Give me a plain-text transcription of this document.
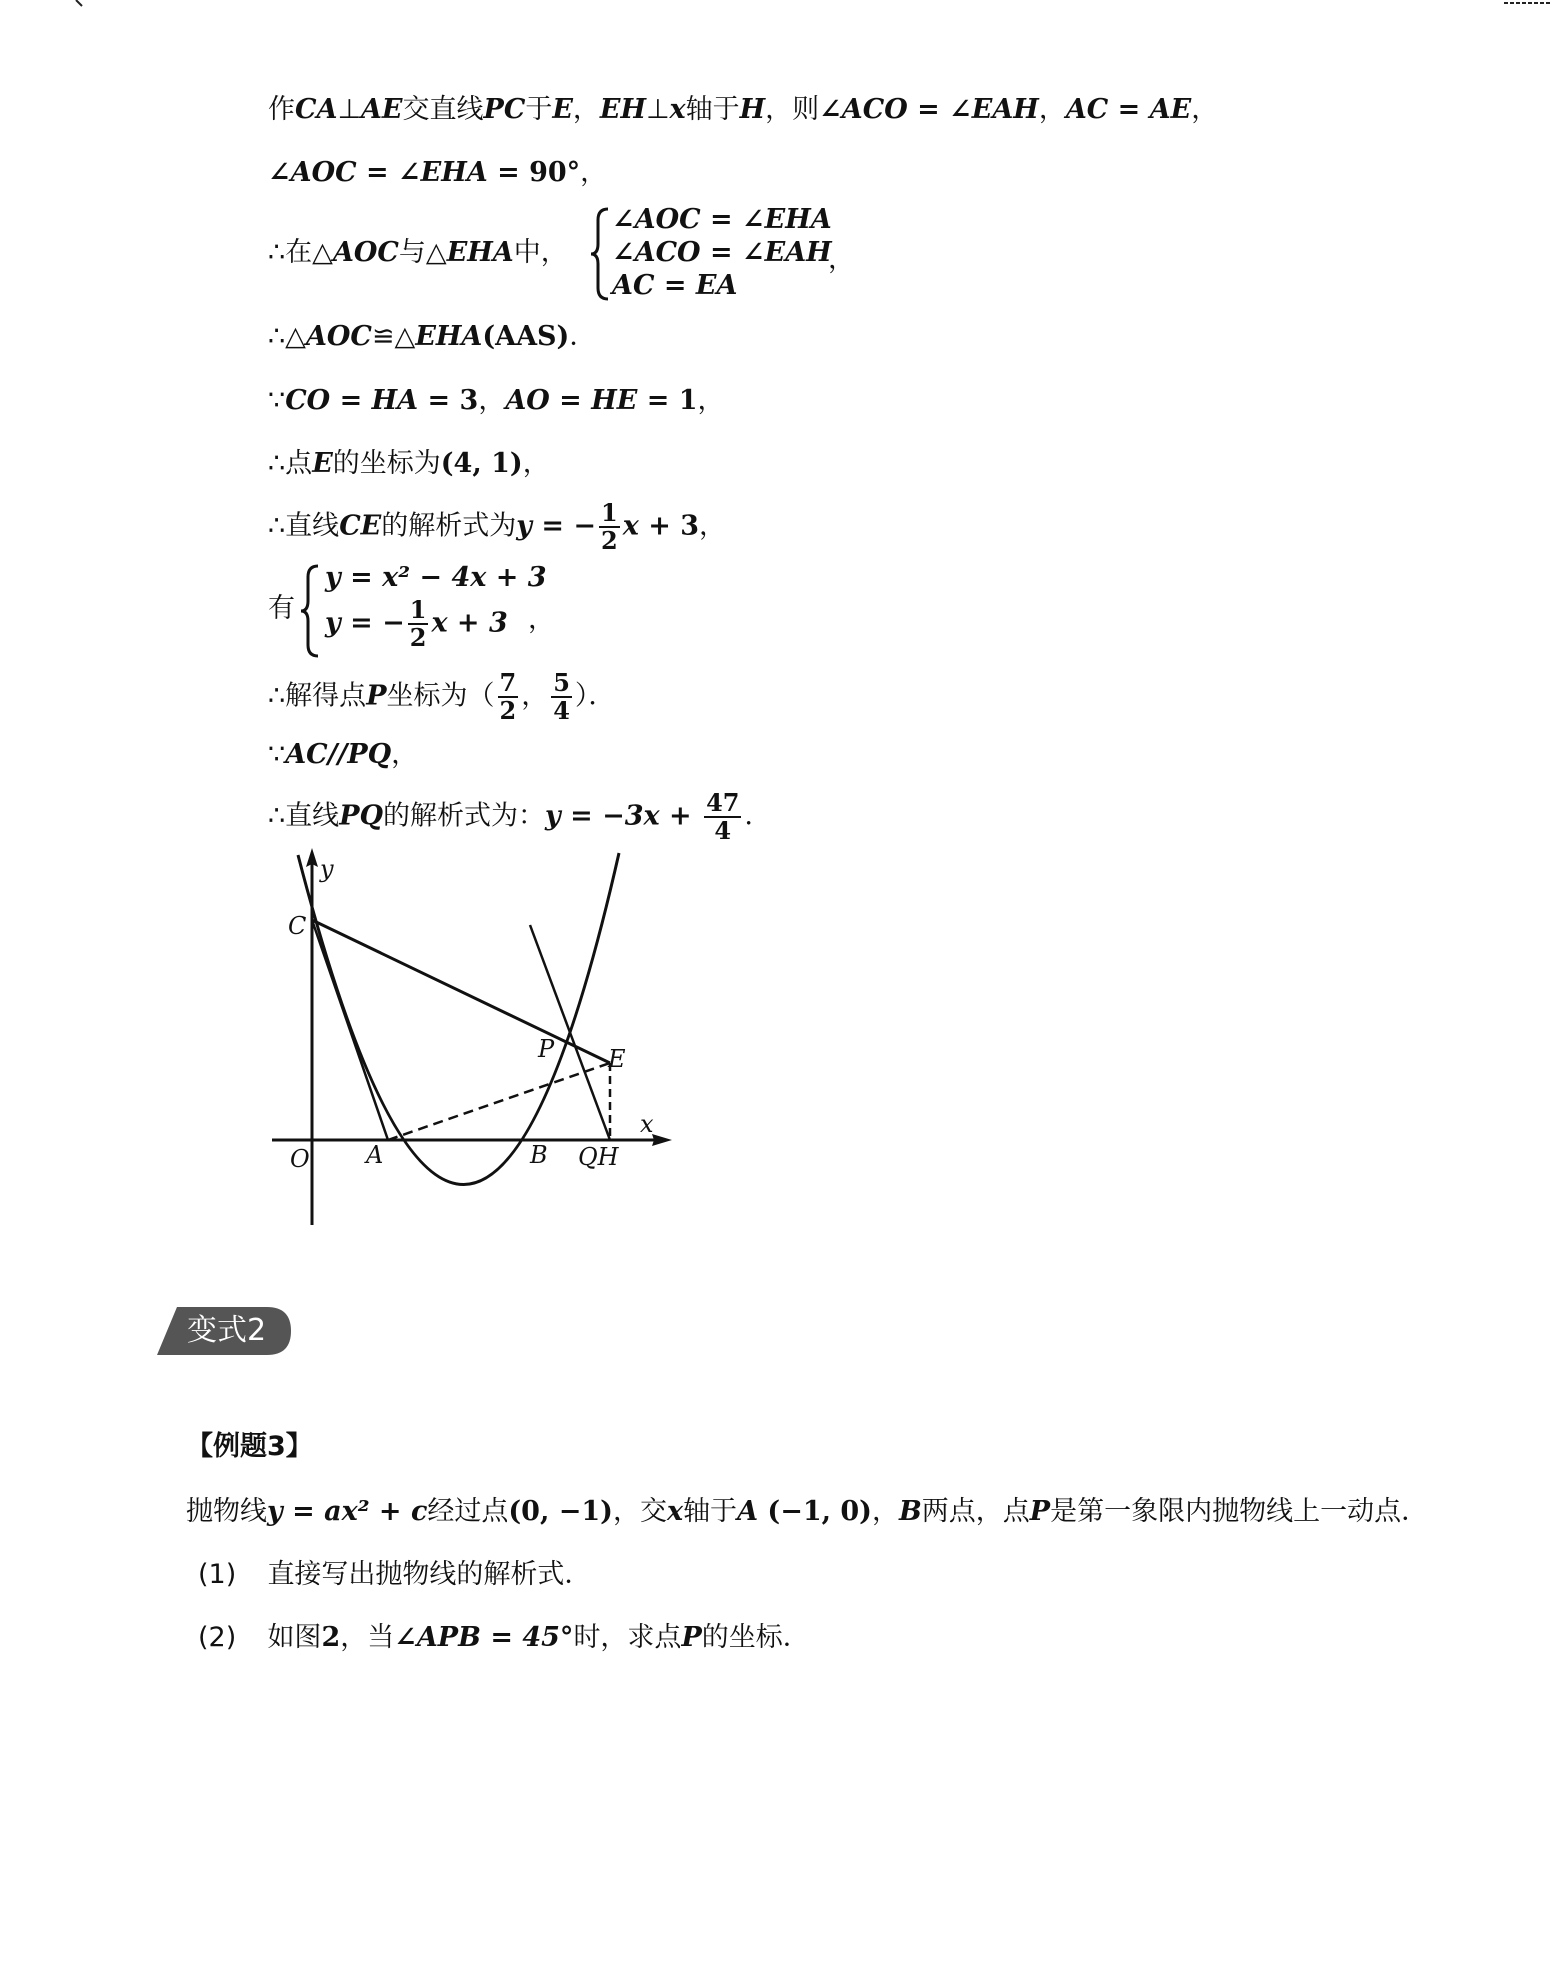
作CA⊥AE交直线PC于E，EH⊥x轴于H，则∠ACO = ∠EAH，AC = AE，
∠AOC = ∠EHA = 90°，
∴在△AOC与△EHA中，
∠AOC = ∠EHA
∠ACO = ∠EAH
AC = EA
，
∴△AOC≌△EHA(AAS)．
∵CO = HA = 3，AO = HE = 1，
∴点E的坐标为(4, 1)，
∴直线CE的解析式为y = − $\frac{1}{2}$ x + 3，
有
y = x² − 4x + 3
y = − $\frac{1}{2}$ x + 3 ，
∴解得点P坐标为（ $\frac{7}{2}$ ， $\frac{5}{4}$ ）．
∵AC//PQ，
∴直线PQ的解析式为：$y = -3x + \frac{47}{4}$ ．
y
C
P E
x
O A	B QH
变式2
【例题3】
抛物线y = ax² + c经过点(0, −1)，交x轴于A (−1, 0)，B两点，点P是第一象限内抛物线上一动点．
(1) 直接写出抛物线的解析式．
(2) 如图2，当∠APB = 45°时，求点P的坐标．
